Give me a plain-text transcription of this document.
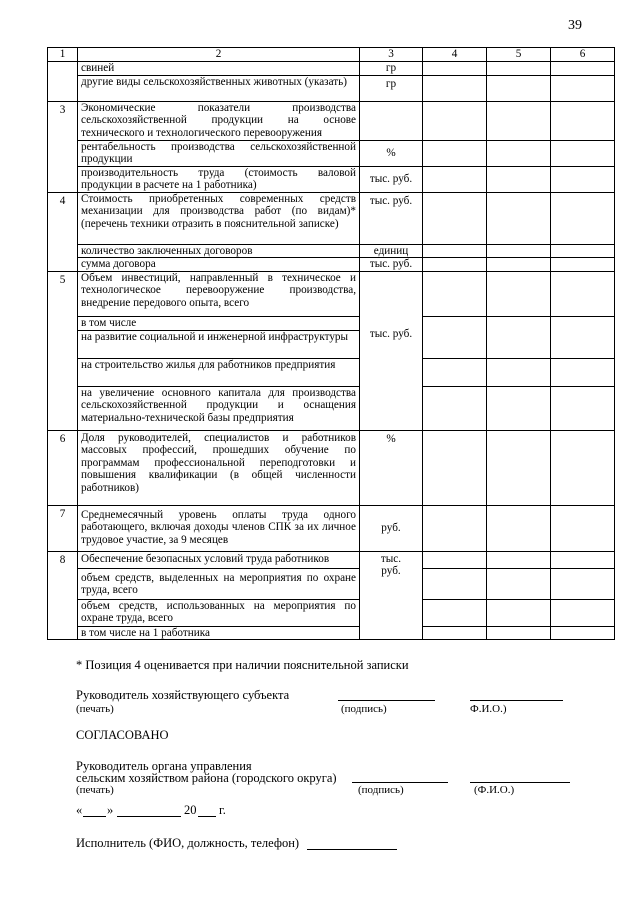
39
1	2	3	4	5	6
	свиней	гр			
	другие виды сельскохозяйственных животных (указать)	гр			
3	Экономические показатели производства сельскохозяйственной продукции на основе технического и технологического перевооружения				
	рентабельность производства сельскохозяйственной продукции	%			
	производительность труда (стоимость валовой продукции в расчете на 1 работника)	тыс. руб.			
4	Стоимость приобретенных современных средств механизации для производства работ (по видам)* (перечень техники отразить в пояснительной записке)	тыс. руб.			
	количество заключенных договоров	единиц			
	сумма договора	тыс. руб.			
5	Объем инвестиций, направленный в техническое и технологическое перевооружение производства, внедрение передового опыта, всего	тыс. руб.			
	в том числе				
	на развитие социальной и инженерной инфраструктуры				
	на строительство жилья для работников предприятия				
	на увеличение основного капитала для производства сельскохозяйственной продукции и оснащения материально-технической базы предприятия				
6	Доля руководителей, специалистов и работников массовых профессий, прошедших обучение по программам профессиональной переподготовки и повышения квалификации (в общей численности работников)	%			
7	Среднемесячный уровень оплаты труда одного работающего, включая доходы членов СПК за их личное трудовое участие, за 9 месяцев	руб.			
8	Обеспечение безопасных условий труда работников	тыс. руб.			
	объем средств, выделенных на мероприятия по охране труда, всего				
	объем средств, использованных на мероприятия по охране труда, всего				
	в том числе на 1 работника				
* Позиция 4 оценивается при наличии пояснительной записки
Руководитель хозяйствующего субъекта
(печать)	(подпись)	Ф.И.О.)
СОГЛАСОВАНО
Руководитель органа управления
сельским хозяйством района (городского округа)
(печать)	(подпись)	(Ф.И.О.)
« »	20 г.
Исполнитель (ФИО, должность, телефон)
